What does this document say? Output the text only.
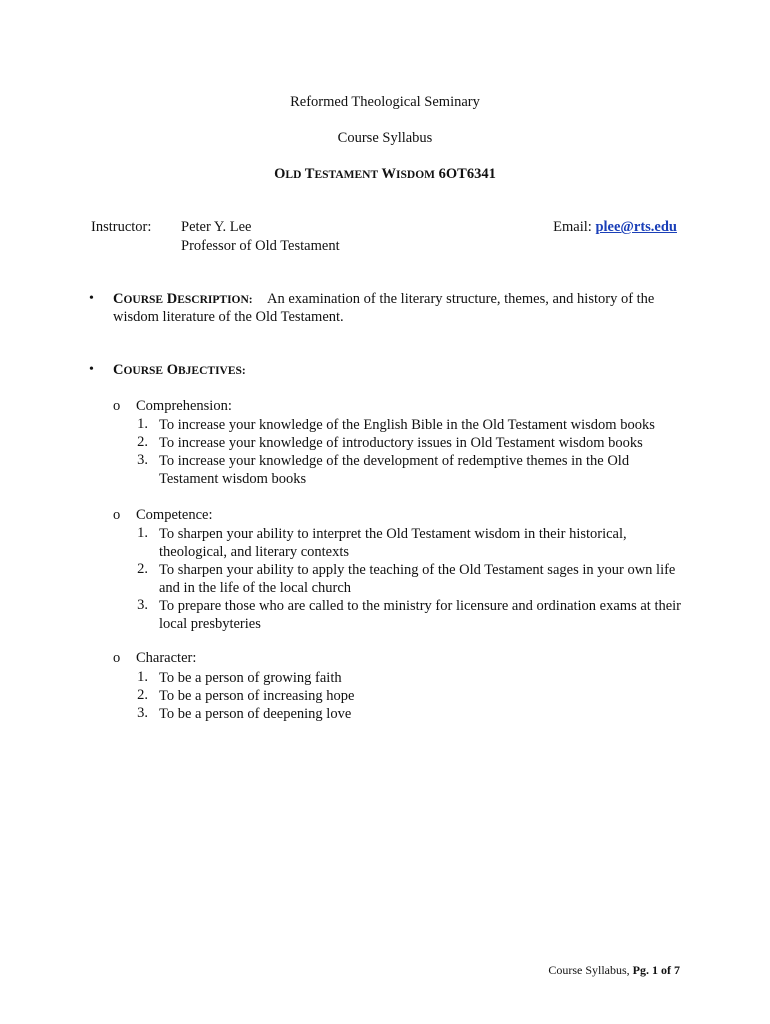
Reformed Theological Seminary
Course Syllabus
OLD TESTAMENT WISDOM 6OT6341
Instructor: Peter Y. Lee
Professor of Old Testament
Email: plee@rts.edu
• COURSE DESCRIPTION: An examination of the literary structure, themes, and history of the
wisdom literature of the Old Testament.
• COURSE OBJECTIVES:
o Comprehension:
1. To increase your knowledge of the English Bible in the Old Testament wisdom books
2. To increase your knowledge of introductory issues in Old Testament wisdom books
3. To increase your knowledge of the development of redemptive themes in the Old Testament wisdom books
o Competence:
1. To sharpen your ability to interpret the Old Testament wisdom in their historical, theological, and literary contexts
2. To sharpen your ability to apply the teaching of the Old Testament sages in your own life and in the life of the local church
3. To prepare those who are called to the ministry for licensure and ordination exams at their local presbyteries
o Character:
1. To be a person of growing faith
2. To be a person of increasing hope
3. To be a person of deepening love
Course Syllabus, Pg. 1 of 7
